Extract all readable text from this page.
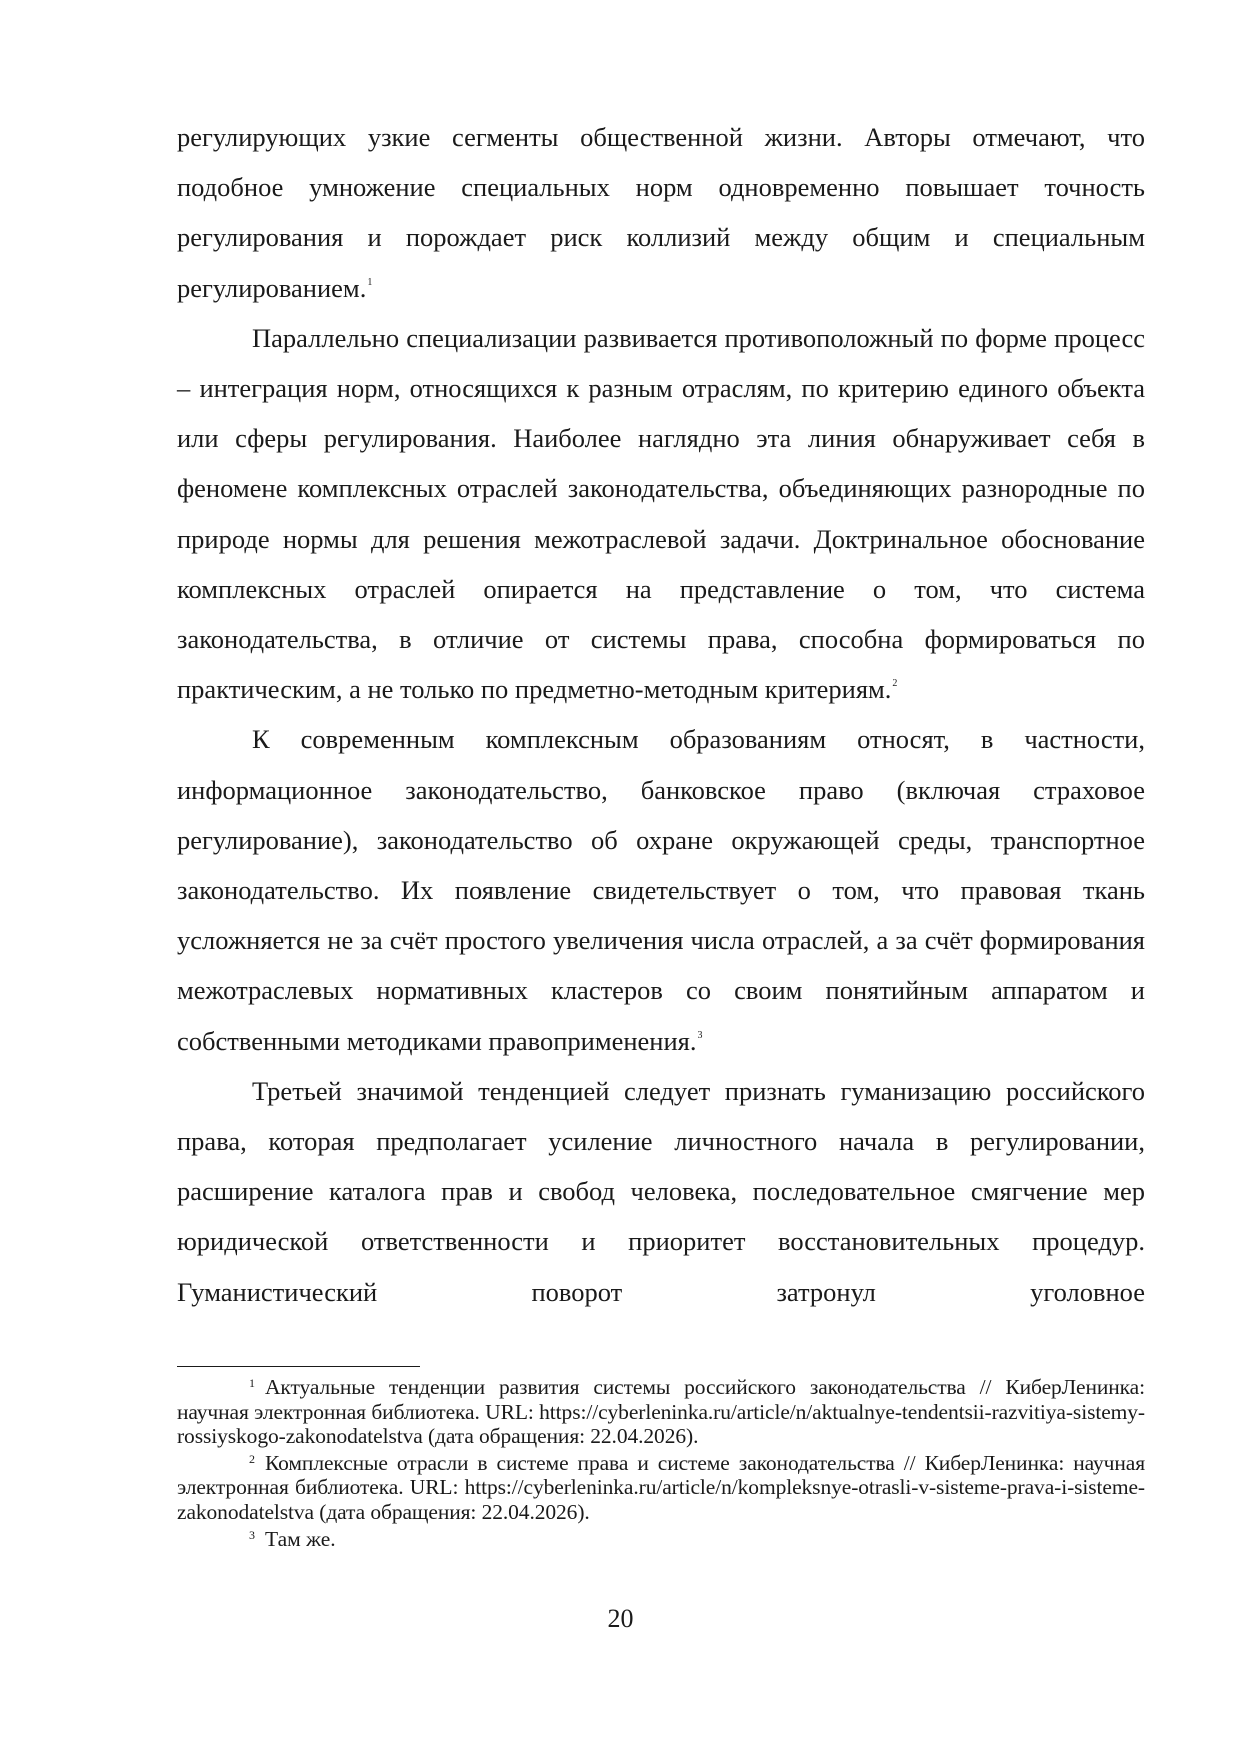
регулирующих узкие сегменты общественной жизни. Авторы отмечают, что подобное умножение специальных норм одновременно повышает точность регулирования и порождает риск коллизий между общим и специальным регулированием.$^1$

Параллельно специализации развивается противоположный по форме процесс – интеграция норм, относящихся к разным отраслям, по критерию единого объекта или сферы регулирования. Наиболее наглядно эта линия обнаруживает себя в феномене комплексных отраслей законодательства, объединяющих разнородные по природе нормы для решения межотраслевой задачи. Доктринальное обоснование комплексных отраслей опирается на представление о том, что система законодательства, в отличие от системы права, способна формироваться по практическим, а не только по предметно-методным критериям.$^2$

К современным комплексным образованиям относят, в частности, информационное законодательство, банковское право (включая страховое регулирование), законодательство об охране окружающей среды, транспортное законодательство. Их появление свидетельствует о том, что правовая ткань усложняется не за счёт простого увеличения числа отраслей, а за счёт формирования межотраслевых нормативных кластеров со своим понятийным аппаратом и собственными методиками правоприменения.$^3$

Третьей значимой тенденцией следует признать гуманизацию российского права, которая предполагает усиление личностного начала в регулировании, расширение каталога прав и свобод человека, последовательное смягчение мер юридической ответственности и приоритет восстановительных процедур. Гуманистический поворот затронул уголовное

$^1$ Актуальные тенденции развития системы российского законодательства // КиберЛенинка: научная электронная библиотека. URL: https://cyberleninka.ru/article/n/aktualnye-tendentsii-razvitiya-sistemy-rossiyskogo-zakonodatelstva (дата обращения: 22.04.2026).

$^2$ Комплексные отрасли в системе права и системе законодательства // КиберЛенинка: научная электронная библиотека. URL: https://cyberleninka.ru/article/n/kompleksnye-otrasli-v-sisteme-prava-i-sisteme-zakonodatelstva (дата обращения: 22.04.2026).

$^3$ Там же.

20
